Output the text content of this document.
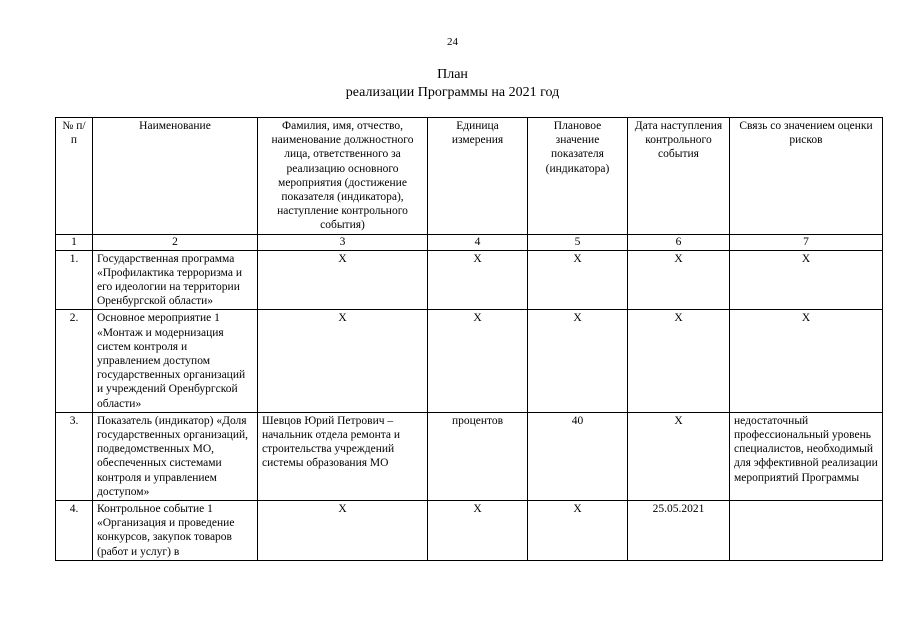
24
План
реализации Программы на 2021 год
№ п/п	Наименование	Фамилия, имя, отчество, наименование должностного лица, ответственного за реализацию основного мероприятия (достижение показателя (индикатора), наступление контрольного события)	Единица измерения	Плановое значение показателя (индикатора)	Дата наступления контрольного события	Связь со значением оценки рисков
1	2	3	4	5	6	7
1.	Государственная программа «Профилактика терроризма и его идеологии на территории Оренбургской области»	Х	Х	Х	Х	Х
2.	Основное мероприятие 1 «Монтаж и модернизация систем контроля и управлением доступом государственных организаций и учреждений Оренбургской области»	Х	Х	Х	Х	Х
3.	Показатель (индикатор) «Доля государственных организаций, подведомственных МО, обеспеченных системами контроля и управлением доступом»	Шевцов Юрий Петрович – начальник отдела ремонта и строительства учреждений системы образования МО	процентов	40	Х	недостаточный профессиональный уровень специалистов, необходимый для эффективной реализации мероприятий Программы
4.	Контрольное событие 1 «Организация и проведение конкурсов, закупок товаров (работ и услуг) в	Х	Х	Х	25.05.2021	
